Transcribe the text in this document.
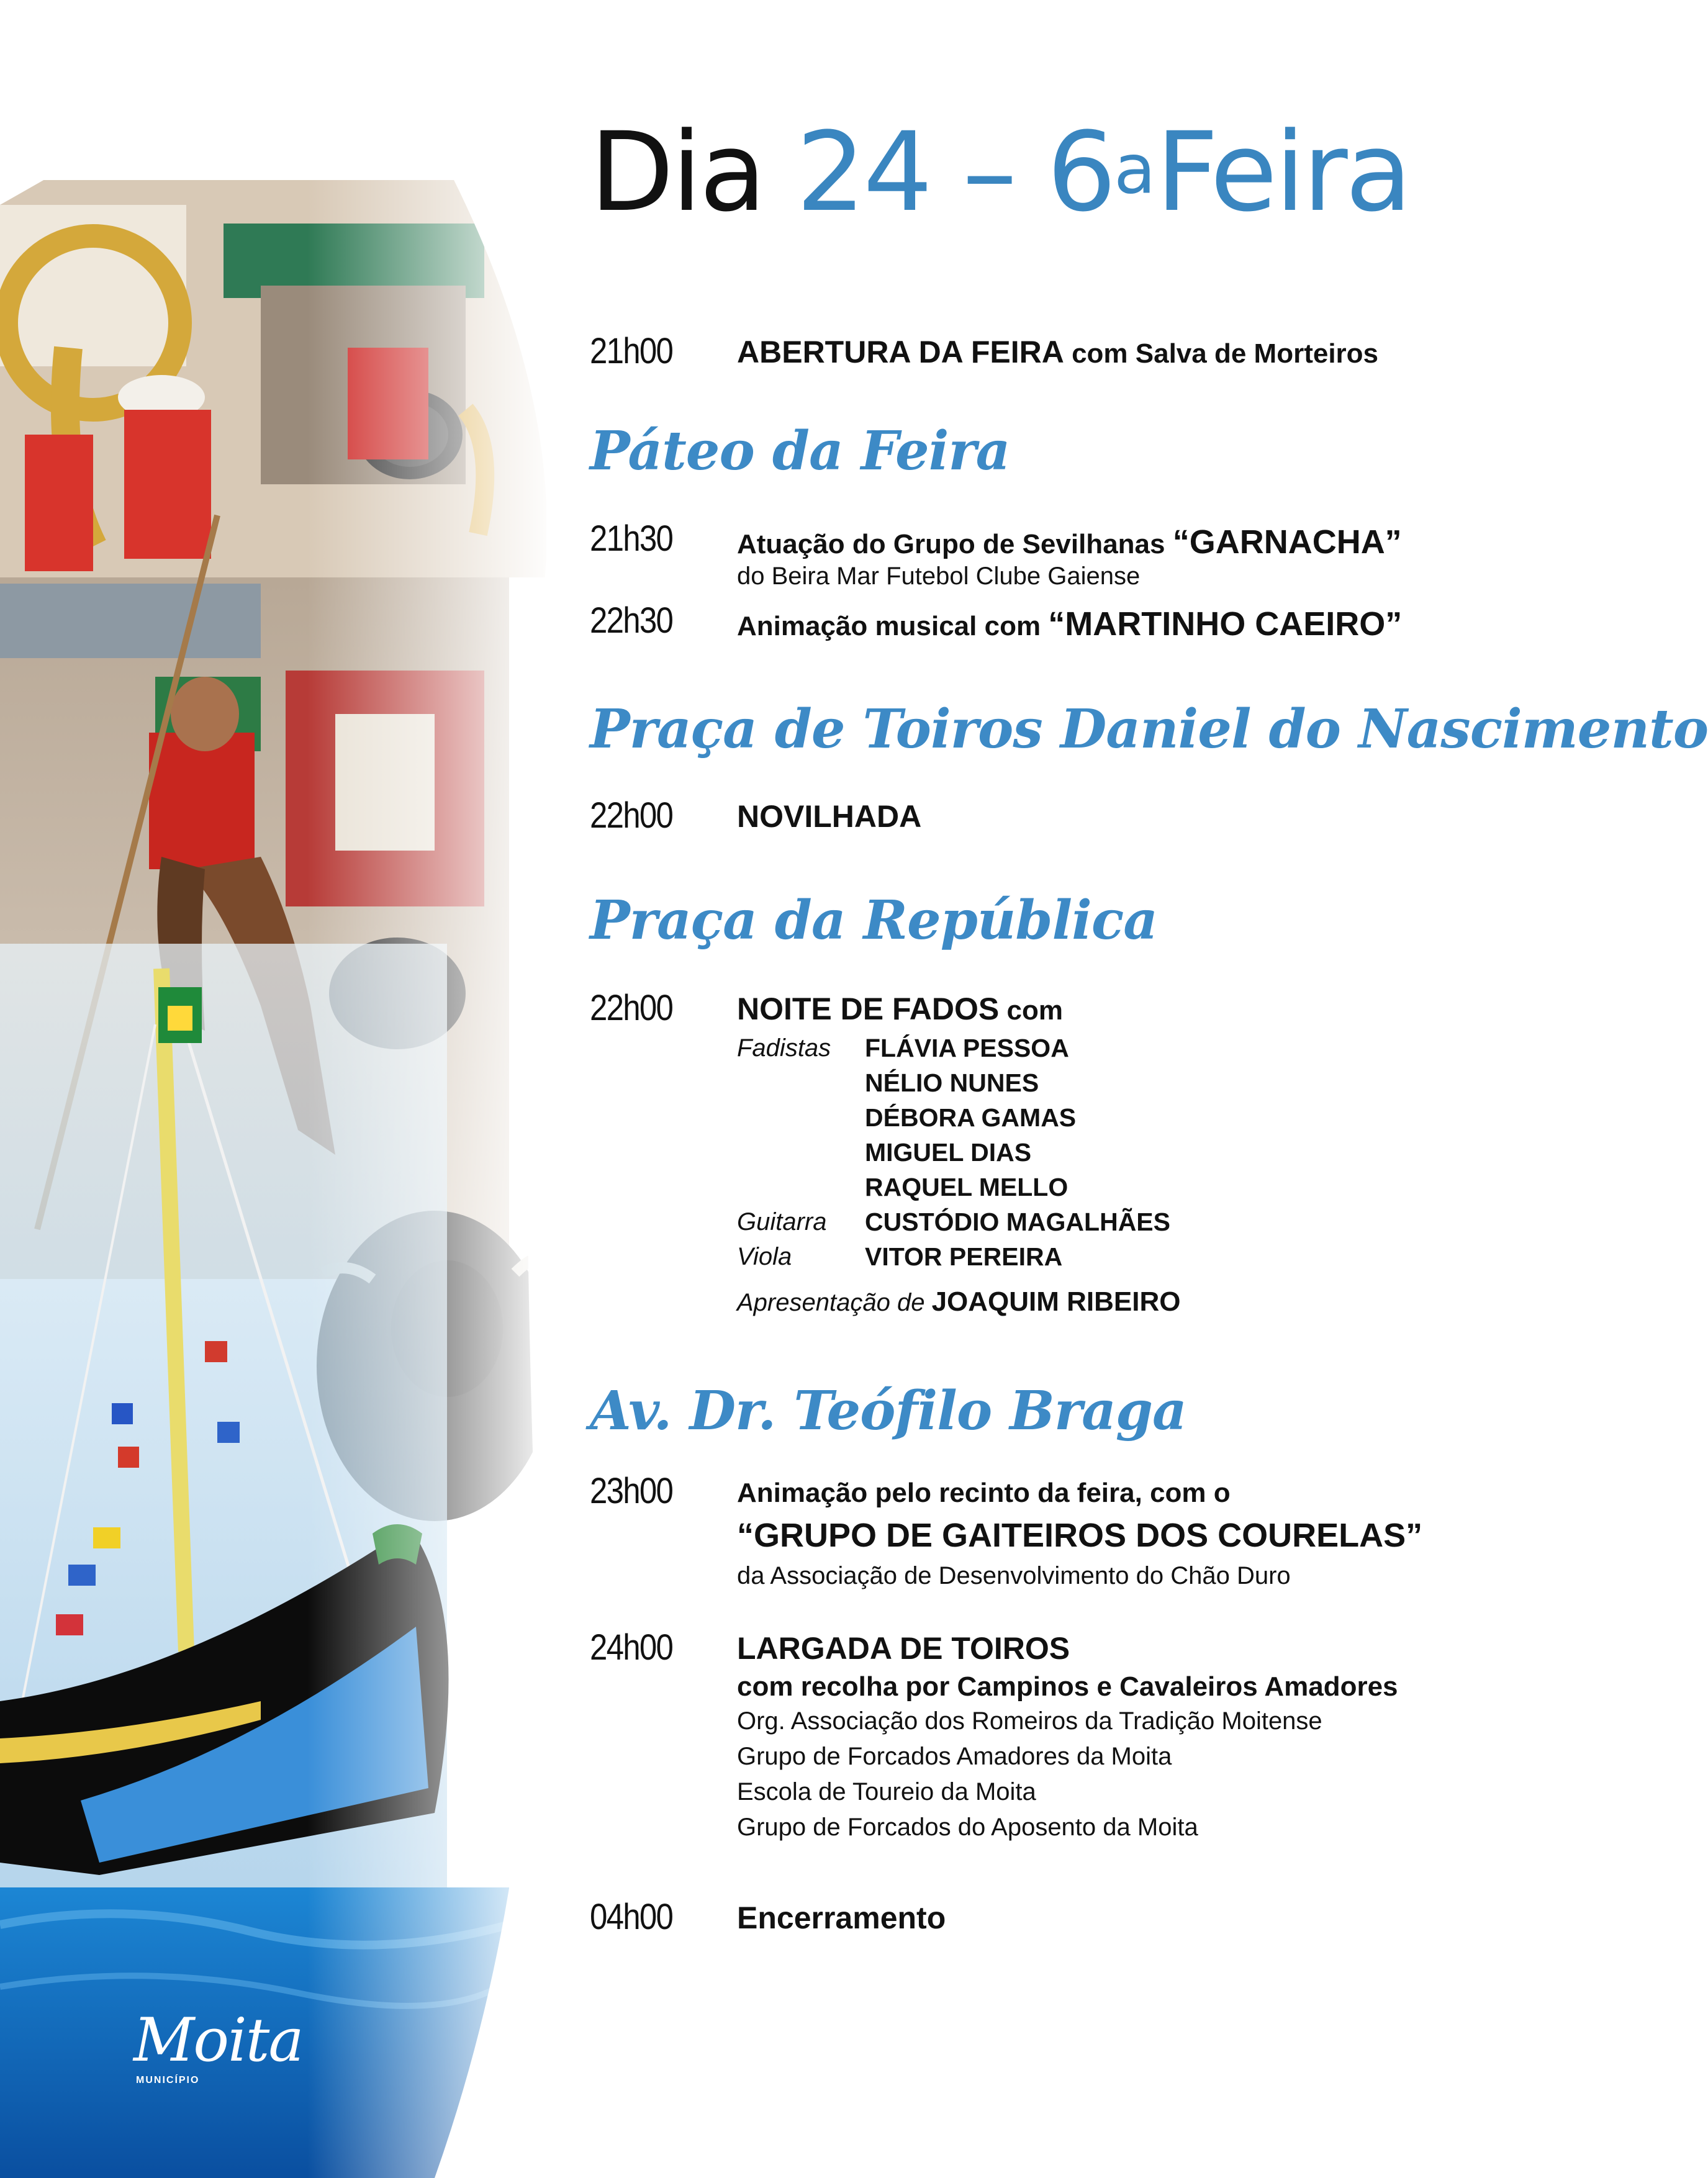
Moita
MUNICÍPIO
Dia 24 – 6$^a$Feira
21h00 ABERTURA DA FEIRA com Salva de Morteiros
Páteo da Feira
21h30 Atuação do Grupo de Sevilhanas “GARNACHA”
do Beira Mar Futebol Clube Gaiense
22h30 Animação musical com “MARTINHO CAEIRO”
Praça de Toiros Daniel do Nascimento
22h00 NOVILHADA
Praça da República
22h00 NOITE DE FADOS com
Fadistas FLÁVIA PESSOA
NÉLIO NUNES
DÉBORA GAMAS
MIGUEL DIAS
RAQUEL MELLO
Guitarra CUSTÓDIO MAGALHÃES
Viola	VITOR PEREIRA
Apresentação de JOAQUIM RIBEIRO
Av. Dr. Teófilo Braga
23h00 Animação pelo recinto da feira, com o
“GRUPO DE GAITEIROS DOS COURELAS”
da Associação de Desenvolvimento do Chão Duro
24h00 LARGADA DE TOIROS
com recolha por Campinos e Cavaleiros Amadores
Org. Associação dos Romeiros da Tradição Moitense
Grupo de Forcados Amadores da Moita
Escola de Toureio da Moita
Grupo de Forcados do Aposento da Moita
04h00 Encerramento
